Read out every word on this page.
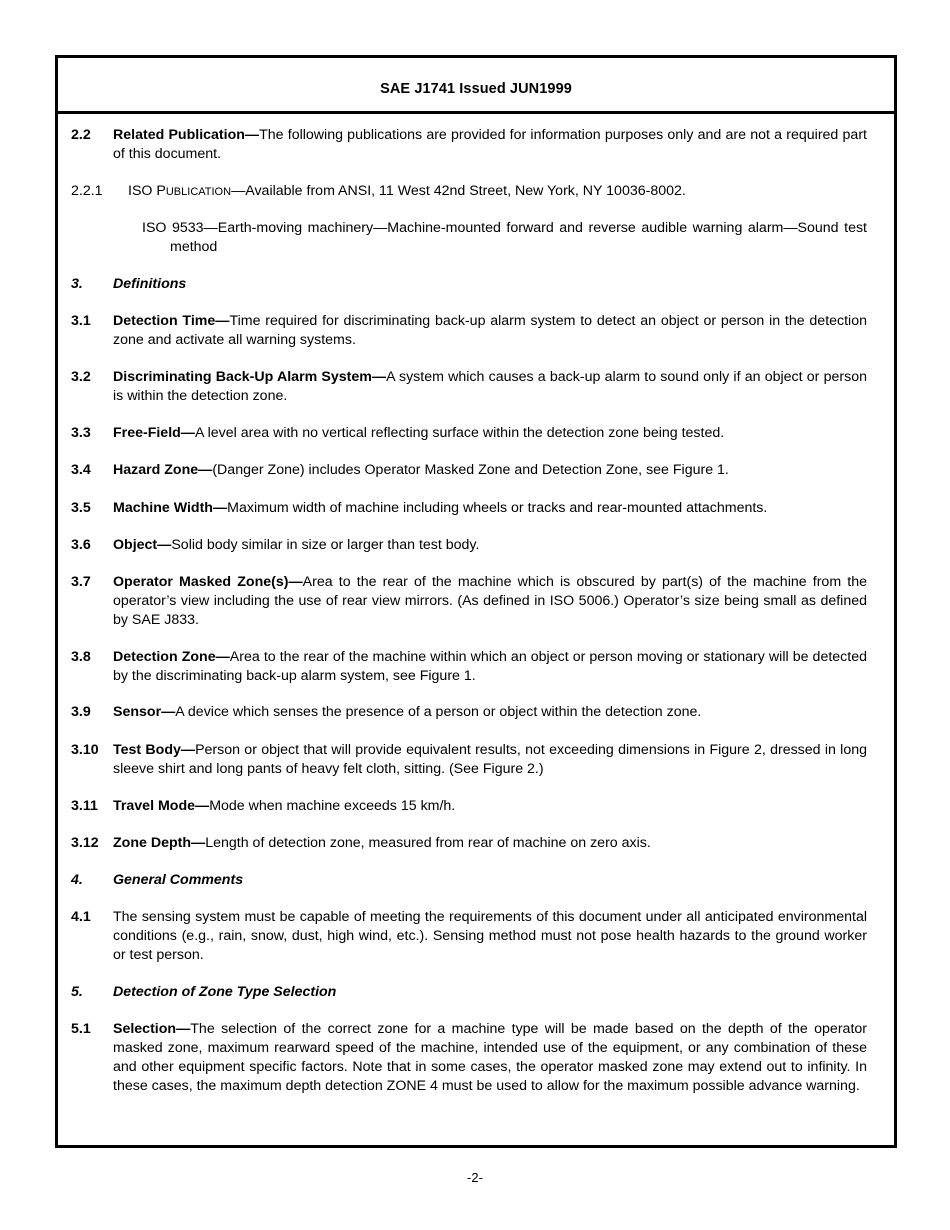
SAE J1741 Issued JUN1999
2.2 Related Publication—The following publications are provided for information purposes only and are not a required part of this document.
2.2.1 ISO PUBLICATION—Available from ANSI, 11 West 42nd Street, New York, NY 10036-8002.
ISO 9533—Earth-moving machinery—Machine-mounted forward and reverse audible warning alarm—Sound test method
3. Definitions
3.1 Detection Time—Time required for discriminating back-up alarm system to detect an object or person in the detection zone and activate all warning systems.
3.2 Discriminating Back-Up Alarm System—A system which causes a back-up alarm to sound only if an object or person is within the detection zone.
3.3 Free-Field—A level area with no vertical reflecting surface within the detection zone being tested.
3.4 Hazard Zone—(Danger Zone) includes Operator Masked Zone and Detection Zone, see Figure 1.
3.5 Machine Width—Maximum width of machine including wheels or tracks and rear-mounted attachments.
3.6 Object—Solid body similar in size or larger than test body.
3.7 Operator Masked Zone(s)—Area to the rear of the machine which is obscured by part(s) of the machine from the operator’s view including the use of rear view mirrors. (As defined in ISO 5006.) Operator’s size being small as defined by SAE J833.
3.8 Detection Zone—Area to the rear of the machine within which an object or person moving or stationary will be detected by the discriminating back-up alarm system, see Figure 1.
3.9 Sensor—A device which senses the presence of a person or object within the detection zone.
3.10 Test Body—Person or object that will provide equivalent results, not exceeding dimensions in Figure 2, dressed in long sleeve shirt and long pants of heavy felt cloth, sitting. (See Figure 2.)
3.11 Travel Mode—Mode when machine exceeds 15 km/h.
3.12 Zone Depth—Length of detection zone, measured from rear of machine on zero axis.
4. General Comments
4.1 The sensing system must be capable of meeting the requirements of this document under all anticipated environmental conditions (e.g., rain, snow, dust, high wind, etc.). Sensing method must not pose health hazards to the ground worker or test person.
5. Detection of Zone Type Selection
5.1 Selection—The selection of the correct zone for a machine type will be made based on the depth of the operator masked zone, maximum rearward speed of the machine, intended use of the equipment, or any combination of these and other equipment specific factors. Note that in some cases, the operator masked zone may extend out to infinity. In these cases, the maximum depth detection ZONE 4 must be used to allow for the maximum possible advance warning.
-2-
